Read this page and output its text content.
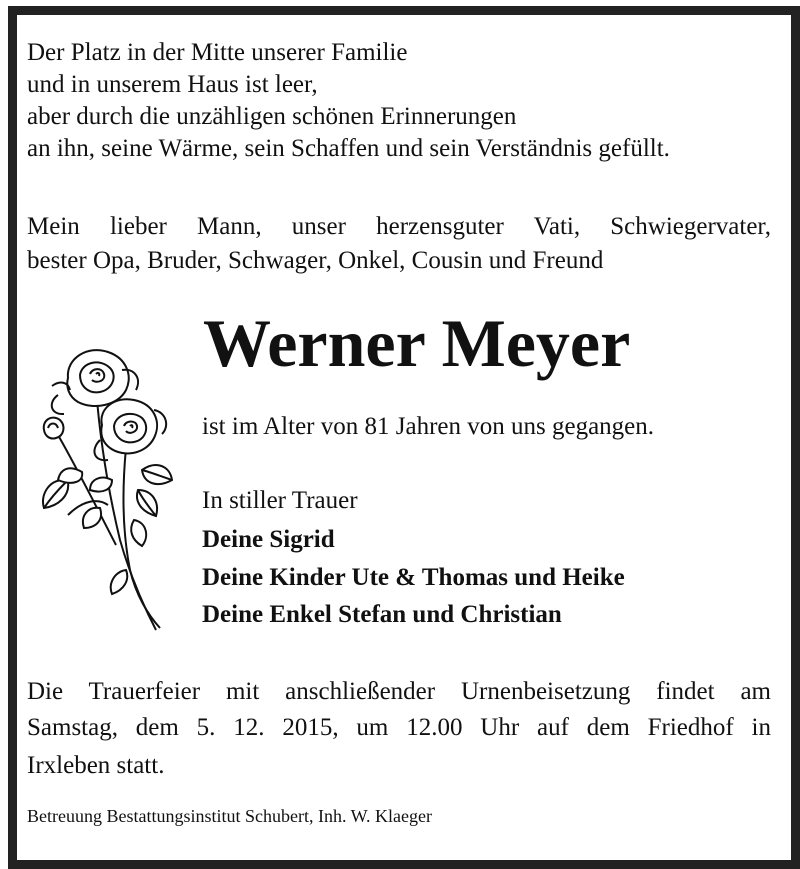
Der Platz in der Mitte unserer Familie
und in unserem Haus ist leer,
aber durch die unzähligen schönen Erinnerungen
an ihn, seine Wärme, sein Schaffen und sein Verständnis gefüllt.
Mein lieber Mann, unser herzensguter Vati, Schwiegervater,
bester Opa, Bruder, Schwager, Onkel, Cousin und Freund
Werner Meyer
ist im Alter von 81 Jahren von uns gegangen.
In stiller Trauer
Deine Sigrid
Deine Kinder Ute & Thomas und Heike
Deine Enkel Stefan und Christian
Die Trauerfeier mit anschließender Urnenbeisetzung findet am
Samstag, dem 5. 12. 2015, um 12.00 Uhr auf dem Friedhof in
Irxleben statt.
Betreuung Bestattungsinstitut Schubert, Inh. W. Klaeger
